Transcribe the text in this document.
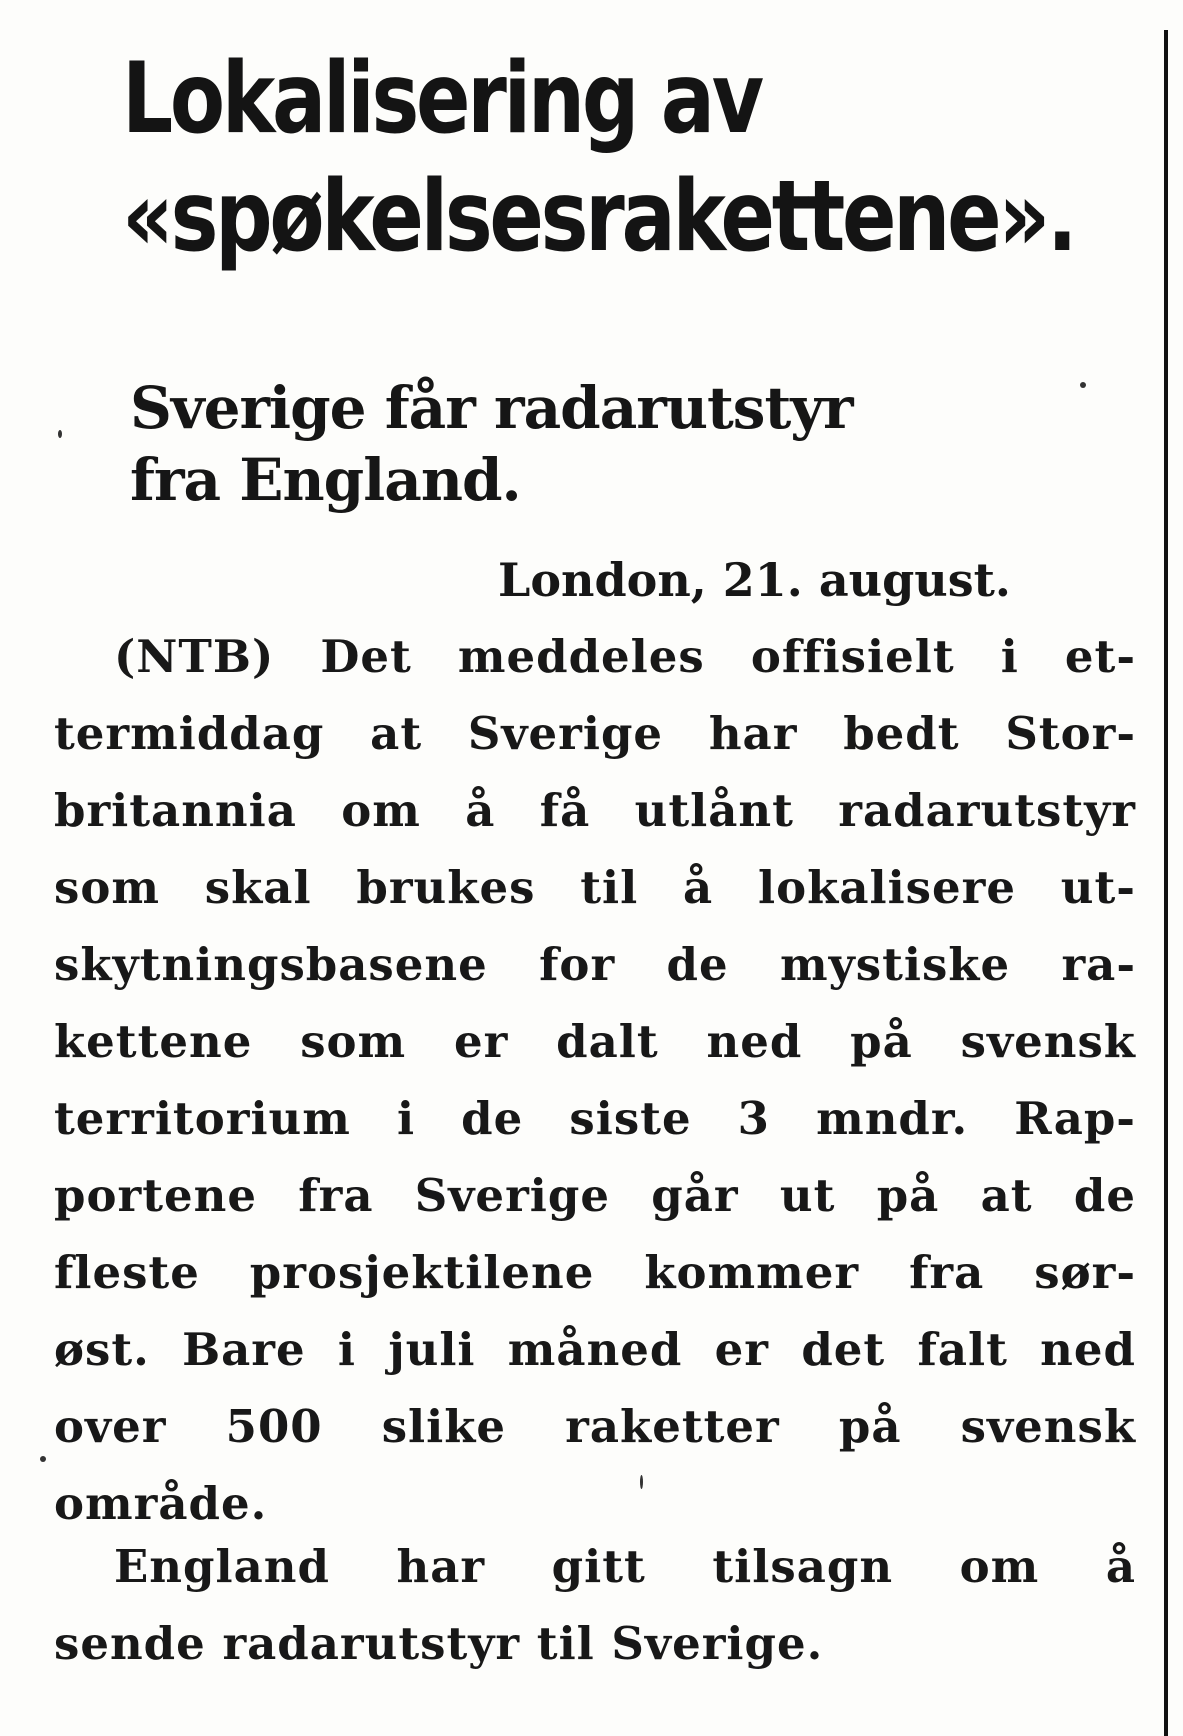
Lokalisering av
«spøkelsesrakettene».
Sverige får radarutstyr
fra England.

London, 21. august.

(NTB) Det meddeles offisielt i et-
termiddag at Sverige har bedt Stor-
britannia om å få utlånt radarutstyr
som skal brukes til å lokalisere ut-
skytningsbasene for de mystiske ra-
kettene som er dalt ned på svensk
territorium i de siste 3 mndr. Rap-
portene fra Sverige går ut på at de
fleste prosjektilene kommer fra sør-
øst. Bare i juli måned er det falt ned
over 500 slike raketter på svensk
område.
England har gitt tilsagn om å
sende radarutstyr til Sverige.
